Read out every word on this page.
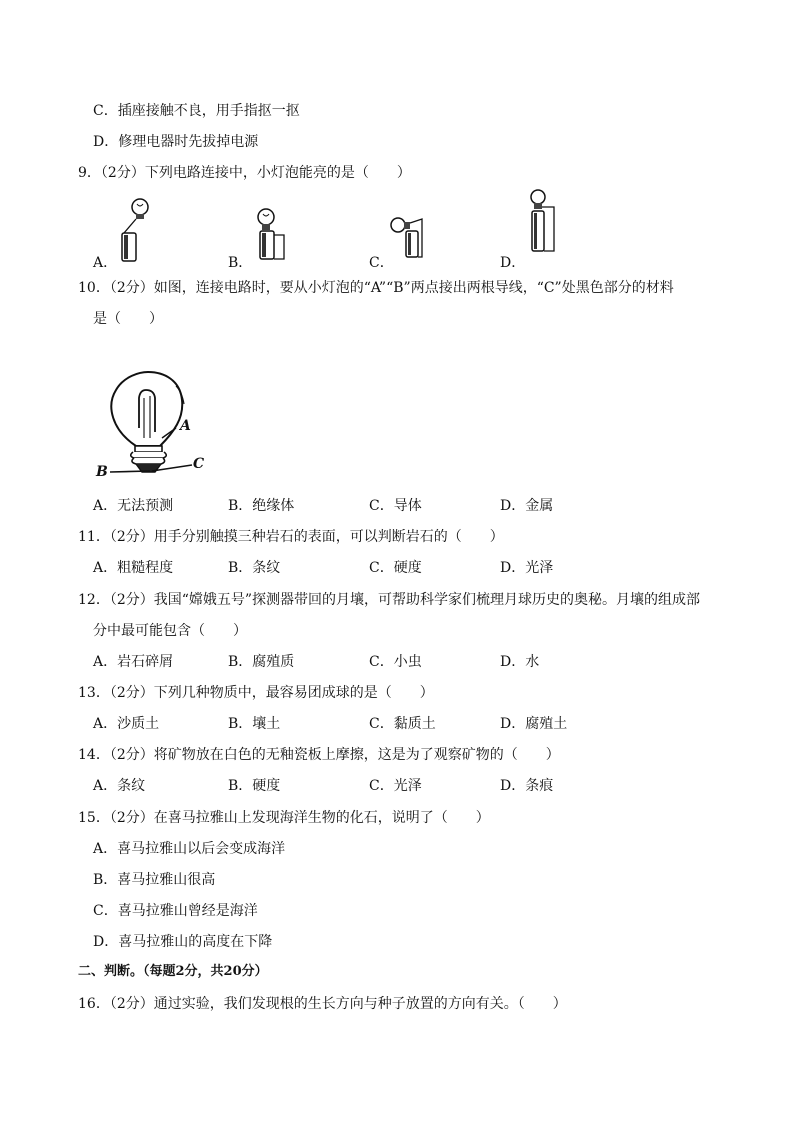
C．插座接触不良，用手指抠一抠
D．修理电器时先拔掉电源
9．（2分）下列电路连接中，小灯泡能亮的是（　　）
A．	B．	C．	D．
10．（2分）如图，连接电路时，要从小灯泡的“A”“B”两点接出两根导线，“C”处黑色部分的材料
是（　　）
A
B	C
A．无法预测	B．绝缘体	C．导体	D．金属
11．（2分）用手分别触摸三种岩石的表面，可以判断岩石的（　　）
A．粗糙程度	B．条纹	C．硬度	D．光泽
12．（2分）我国“嫦娥五号”探测器带回的月壤，可帮助科学家们梳理月球历史的奥秘。月壤的组成部
分中最可能包含（　　）
A．岩石碎屑	B．腐殖质	C．小虫	D．水
13．（2分）下列几种物质中，最容易团成球的是（　　）
A．沙质土	B．壤土	C．黏质土	D．腐殖土
14．（2分）将矿物放在白色的无釉瓷板上摩擦，这是为了观察矿物的（　　）
A．条纹	B．硬度	C．光泽	D．条痕
15．（2分）在喜马拉雅山上发现海洋生物的化石，说明了（　　）
A．喜马拉雅山以后会变成海洋
B．喜马拉雅山很高
C．喜马拉雅山曾经是海洋
D．喜马拉雅山的高度在下降
二、判断。（每题2分，共20分）
16．（2分）通过实验，我们发现根的生长方向与种子放置的方向有关。（　　）
